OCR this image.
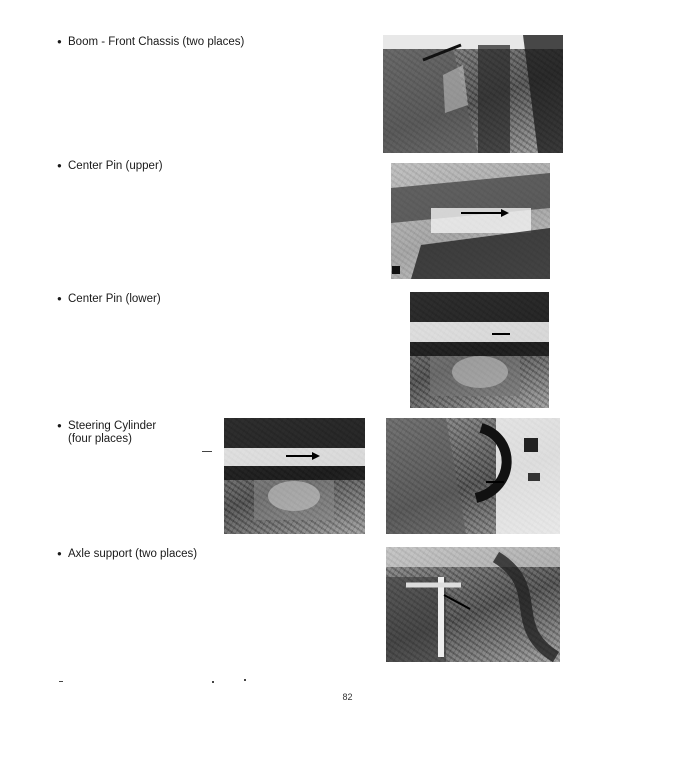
●Boom - Front Chassis (two places)
●Center Pin (upper)
●Center Pin (lower)
●Steering Cylinder
(four places)
●Axle support (two places)
82
